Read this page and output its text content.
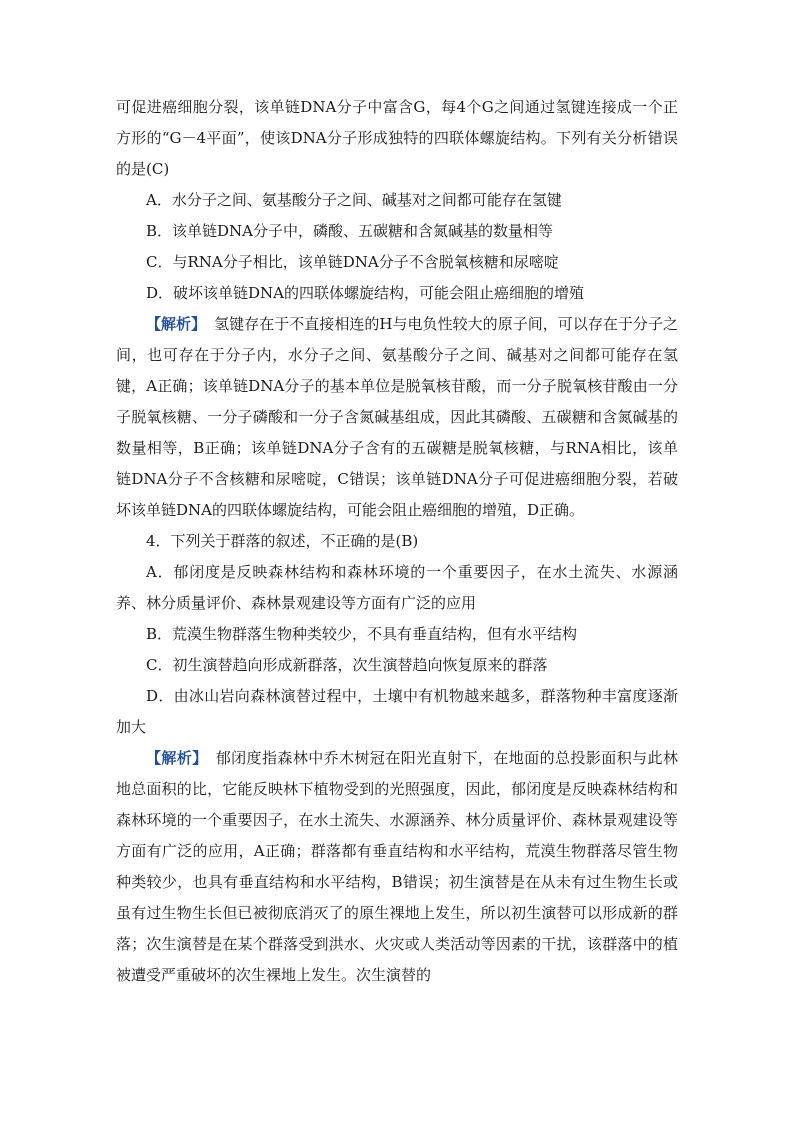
可促进癌细胞分裂，该单链DNA分子中富含G，每4个G之间通过氢键连接成一个正方形的“G－4平面”，使该DNA分子形成独特的四联体螺旋结构。下列有关分析错误的是(C)

A．水分子之间、氨基酸分子之间、碱基对之间都可能存在氢键

B．该单链DNA分子中，磷酸、五碳糖和含氮碱基的数量相等

C．与RNA分子相比，该单链DNA分子不含脱氧核糖和尿嘧啶

D．破坏该单链DNA的四联体螺旋结构，可能会阻止癌细胞的增殖

【解析】 氢键存在于不直接相连的H与电负性较大的原子间，可以存在于分子之间，也可存在于分子内，水分子之间、氨基酸分子之间、碱基对之间都可能存在氢键，A正确；该单链DNA分子的基本单位是脱氧核苷酸，而一分子脱氧核苷酸由一分子脱氧核糖、一分子磷酸和一分子含氮碱基组成，因此其磷酸、五碳糖和含氮碱基的数量相等，B正确；该单链DNA分子含有的五碳糖是脱氧核糖，与RNA相比，该单链DNA分子不含核糖和尿嘧啶，C错误；该单链DNA分子可促进癌细胞分裂，若破坏该单链DNA的四联体螺旋结构，可能会阻止癌细胞的增殖，D正确。

4．下列关于群落的叙述，不正确的是(B)

A．郁闭度是反映森林结构和森林环境的一个重要因子，在水土流失、水源涵养、林分质量评价、森林景观建设等方面有广泛的应用

B．荒漠生物群落生物种类较少，不具有垂直结构，但有水平结构

C．初生演替趋向形成新群落，次生演替趋向恢复原来的群落

D．由冰山岩向森林演替过程中，土壤中有机物越来越多，群落物种丰富度逐渐加大

【解析】 郁闭度指森林中乔木树冠在阳光直射下，在地面的总投影面积与此林地总面积的比，它能反映林下植物受到的光照强度，因此，郁闭度是反映森林结构和森林环境的一个重要因子，在水土流失、水源涵养、林分质量评价、森林景观建设等方面有广泛的应用，A正确；群落都有垂直结构和水平结构，荒漠生物群落尽管生物种类较少，也具有垂直结构和水平结构，B错误；初生演替是在从未有过生物生长或虽有过生物生长但已被彻底消灭了的原生裸地上发生，所以初生演替可以形成新的群落；次生演替是在某个群落受到洪水、火灾或人类活动等因素的干扰，该群落中的植被遭受严重破坏的次生裸地上发生。次生演替的
